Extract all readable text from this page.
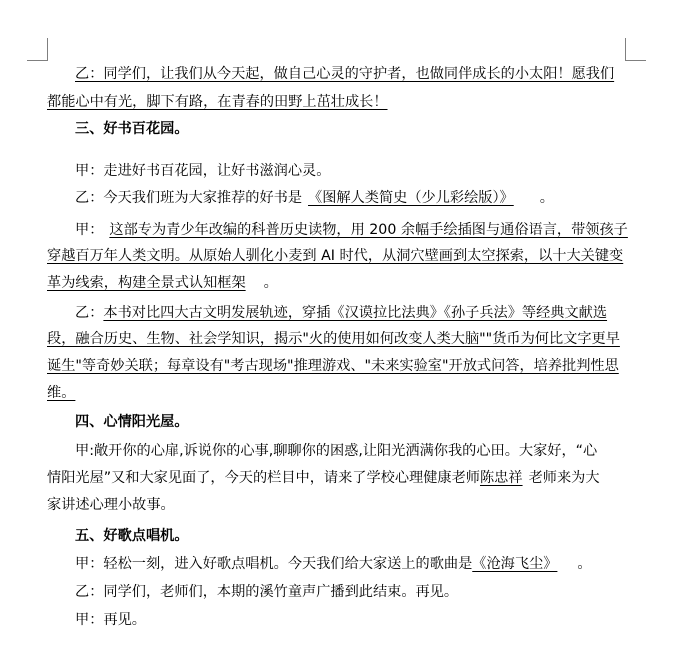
乙：同学们，让我们从今天起，做自己心灵的守护者，也做同伴成长的小太阳！愿我们
都能心中有光，脚下有路，在青春的田野上茁壮成长！
三、好书百花园。
甲：走进好书百花园，让好书滋润心灵。
乙：今天我们班为大家推荐的好书是 《图解人类简史（少儿彩绘版）》 。
甲： 这部专为青少年改编的科普历史读物，用 200 余幅手绘插图与通俗语言，带领孩子
穿越百万年人类文明。从原始人驯化小麦到 AI 时代，从洞穴壁画到太空探索，以十大关键变
革为线索，构建全景式认知框架 。
乙：本书对比四大古文明发展轨迹，穿插《汉谟拉比法典》《孙子兵法》等经典文献选
段，融合历史、生物、社会学知识，揭示"火的使用如何改变人类大脑""货币为何比文字更早
诞生"等奇妙关联；每章设有"考古现场"推理游戏、"未来实验室"开放式问答，培养批判性思
维。
四、心情阳光屋。
甲:敞开你的心扉,诉说你的心事,聊聊你的困惑,让阳光洒满你我的心田。大家好，“心
情阳光屋”又和大家见面了，今天的栏目中，请来了学校心理健康老师陈忠祥 老师来为大
家讲述心理小故事。
五、好歌点唱机。
甲：轻松一刻，进入好歌点唱机。今天我们给大家送上的歌曲是《沧海飞尘》 。
乙：同学们，老师们，本期的溪竹童声广播到此结束。再见。
甲：再见。
